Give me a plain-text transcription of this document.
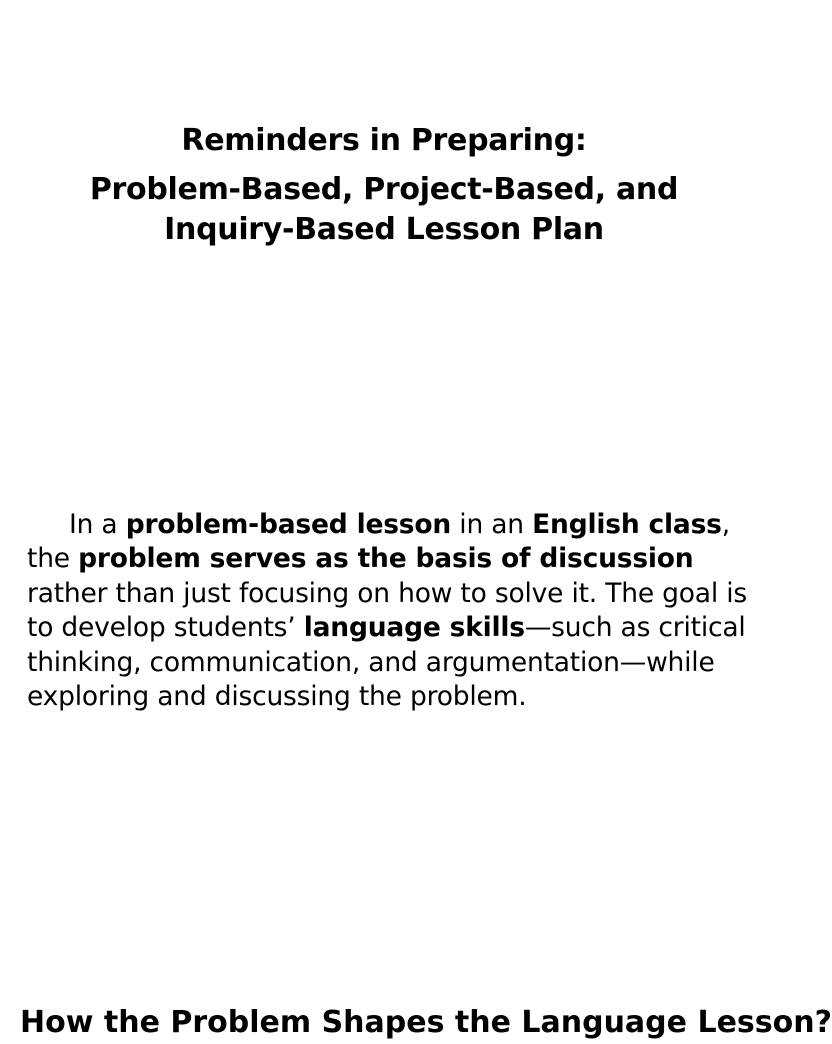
Reminders in Preparing:
Problem-Based, Project-Based, and Inquiry-Based Lesson Plan

In a problem-based lesson in an English class, the problem serves as the basis of discussion rather than just focusing on how to solve it. The goal is to develop students’ language skills—such as critical thinking, communication, and argumentation—while exploring and discussing the problem.

How the Problem Shapes the Language Lesson?
